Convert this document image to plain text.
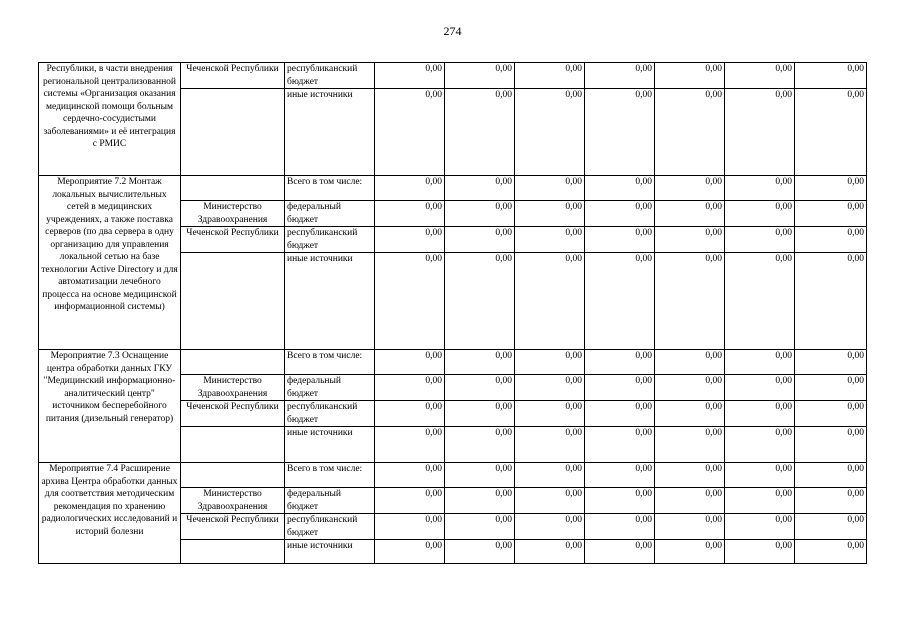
274
Республики, в части внедрения региональной централизованной системы «Организация оказания медицинской помощи больным сердечно-сосудистыми заболеваниями» и её интеграция с РМИС	Чеченской Республики	республиканский бюджет	0,00	0,00	0,00	0,00	0,00	0,00	0,00
		иные источники	0,00	0,00	0,00	0,00	0,00	0,00	0,00
Мероприятие 7.2 Монтаж локальных вычислительных сетей в медицинских учреждениях, а также поставка серверов (по два сервера в одну организацию для управления локальной сетью на базе технологии Active Directory и для автоматизации лечебного процесса на основе медицинской информационной системы)		Всего в том числе:	0,00	0,00	0,00	0,00	0,00	0,00	0,00
	Министерство Здравоохранения	федеральный бюджет	0,00	0,00	0,00	0,00	0,00	0,00	0,00
	Чеченской Республики	республиканский бюджет	0,00	0,00	0,00	0,00	0,00	0,00	0,00
		иные источники	0,00	0,00	0,00	0,00	0,00	0,00	0,00
Мероприятие 7.3 Оснащение центра обработки данных ГКУ "Медицинский информационно-аналитический центр" источником бесперебойного питания (дизельный генератор)		Всего в том числе:	0,00	0,00	0,00	0,00	0,00	0,00	0,00
	Министерство Здравоохранения	федеральный бюджет	0,00	0,00	0,00	0,00	0,00	0,00	0,00
	Чеченской Республики	республиканский бюджет	0,00	0,00	0,00	0,00	0,00	0,00	0,00
		иные источники	0,00	0,00	0,00	0,00	0,00	0,00	0,00
Мероприятие 7.4 Расширение архива Центра обработки данных для соответствия методическим рекомендация по хранению радиологических исследований и историй болезни		Всего в том числе:	0,00	0,00	0,00	0,00	0,00	0,00	0,00
	Министерство Здравоохранения	федеральный бюджет	0,00	0,00	0,00	0,00	0,00	0,00	0,00
	Чеченской Республики	республиканский бюджет	0,00	0,00	0,00	0,00	0,00	0,00	0,00
		иные источники	0,00	0,00	0,00	0,00	0,00	0,00	0,00
